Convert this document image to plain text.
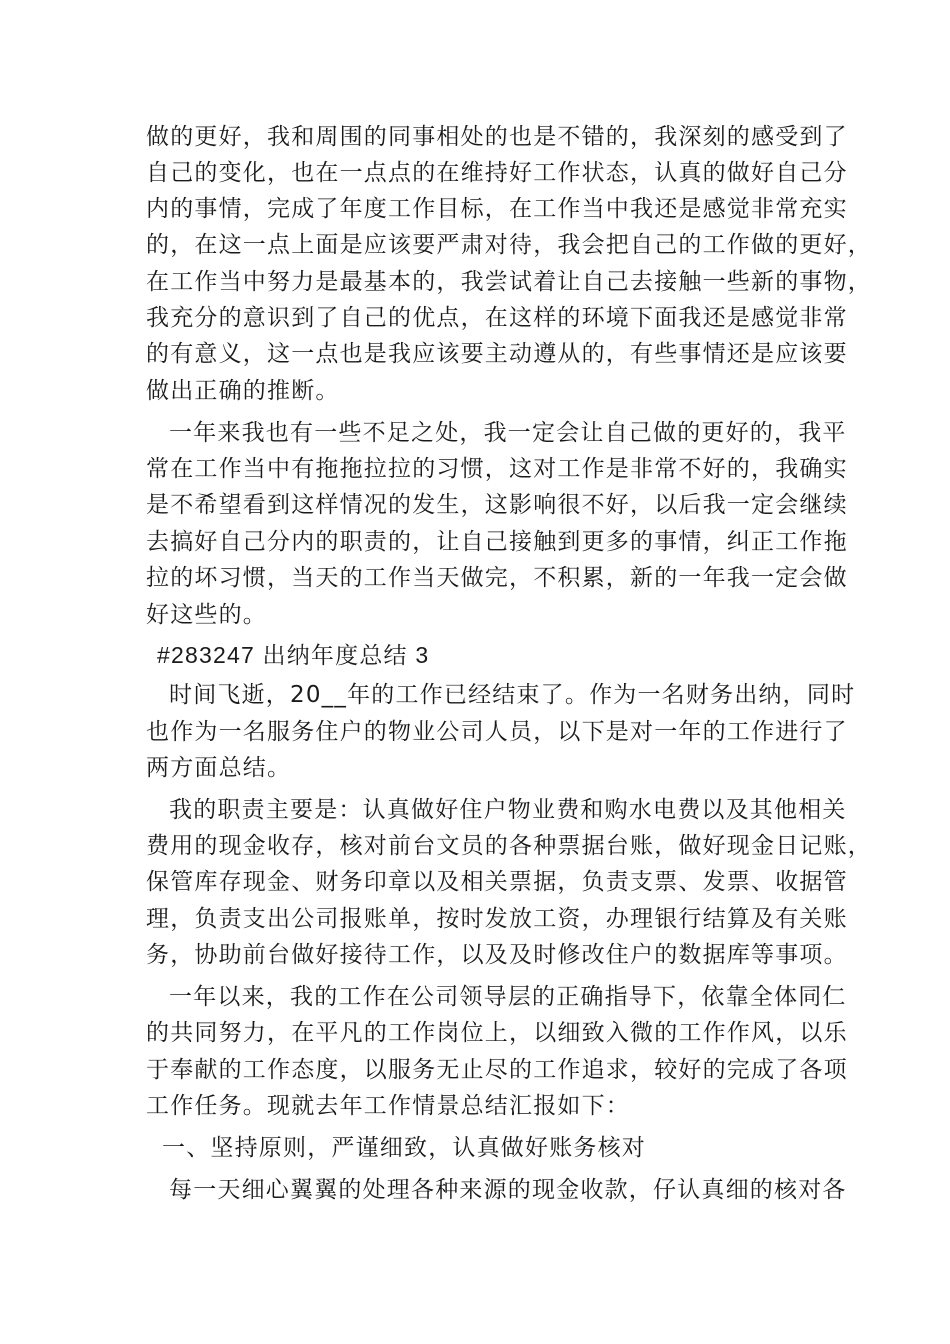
做的更好，我和周围的同事相处的也是不错的，我深刻的感受到了
自己的变化，也在一点点的在维持好工作状态，认真的做好自己分
内的事情，完成了年度工作目标，在工作当中我还是感觉非常充实
的，在这一点上面是应该要严肃对待，我会把自己的工作做的更好，
在工作当中努力是最基本的，我尝试着让自己去接触一些新的事物，
我充分的意识到了自己的优点，在这样的环境下面我还是感觉非常
的有意义，这一点也是我应该要主动遵从的，有些事情还是应该要
做出正确的推断。
一年来我也有一些不足之处，我一定会让自己做的更好的，我平
常在工作当中有拖拖拉拉的习惯，这对工作是非常不好的，我确实
是不希望看到这样情况的发生，这影响很不好，以后我一定会继续
去搞好自己分内的职责的，让自己接触到更多的事情，纠正工作拖
拉的坏习惯，当天的工作当天做完，不积累，新的一年我一定会做
好这些的。
#283247 出纳年度总结 3
时间飞逝，20__年的工作已经结束了。作为一名财务出纳，同时
也作为一名服务住户的物业公司人员，以下是对一年的工作进行了
两方面总结。
我的职责主要是：认真做好住户物业费和购水电费以及其他相关
费用的现金收存，核对前台文员的各种票据台账，做好现金日记账，
保管库存现金、财务印章以及相关票据，负责支票、发票、收据管
理，负责支出公司报账单，按时发放工资，办理银行结算及有关账
务，协助前台做好接待工作，以及及时修改住户的数据库等事项。
一年以来，我的工作在公司领导层的正确指导下，依靠全体同仁
的共同努力，在平凡的工作岗位上，以细致入微的工作作风，以乐
于奉献的工作态度，以服务无止尽的工作追求，较好的完成了各项
工作任务。现就去年工作情景总结汇报如下：
一、坚持原则，严谨细致，认真做好账务核对
每一天细心翼翼的处理各种来源的现金收款，仔认真细的核对各
